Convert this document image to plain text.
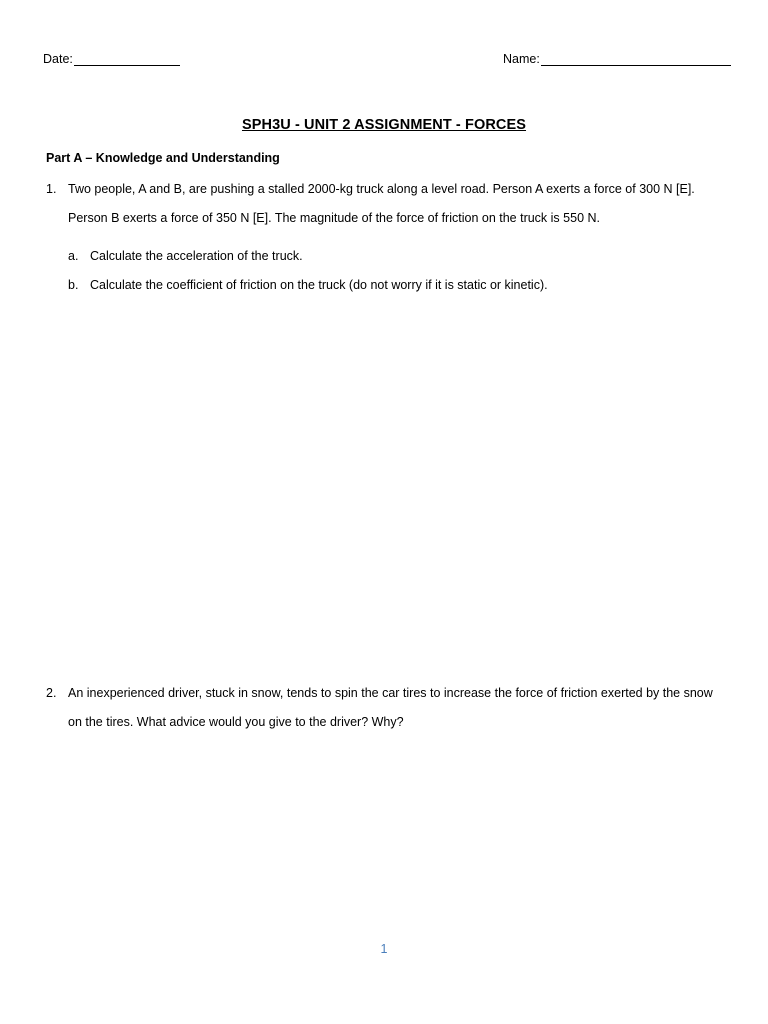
Date:	Name:
SPH3U - UNIT 2 ASSIGNMENT - FORCES
Part A – Knowledge and Understanding
1. Two people, A and B, are pushing a stalled 2000-kg truck along a level road. Person A exerts a force of 300 N [E]. Person B exerts a force of 350 N [E]. The magnitude of the force of friction on the truck is 550 N.
a. Calculate the acceleration of the truck.
b. Calculate the coefficient of friction on the truck (do not worry if it is static or kinetic).
2. An inexperienced driver, stuck in snow, tends to spin the car tires to increase the force of friction exerted by the snow on the tires. What advice would you give to the driver? Why?
1
